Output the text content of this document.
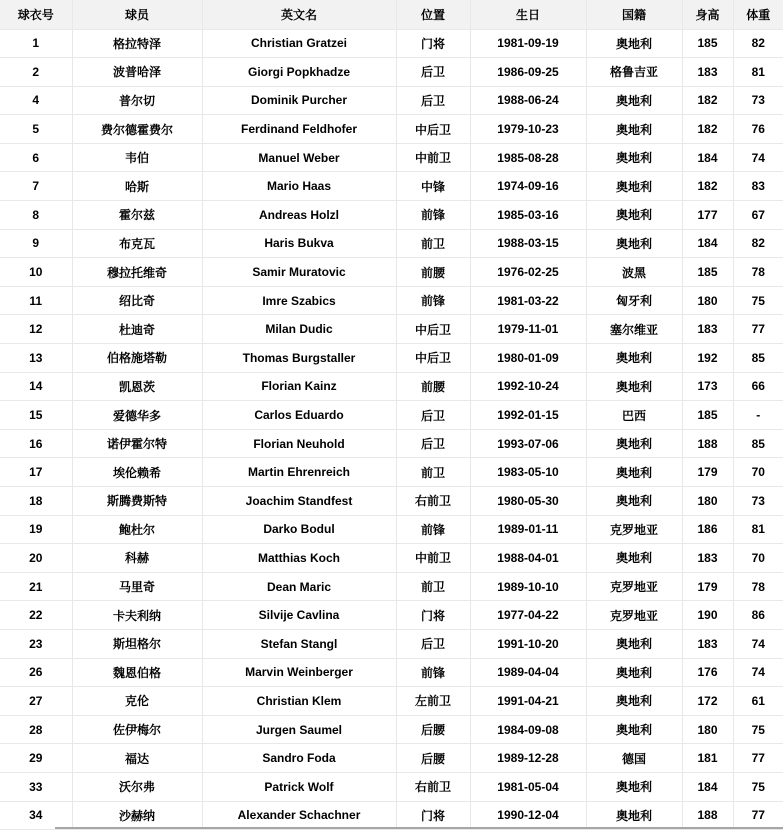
球衣号	球员	英文名	位置	生日	国籍	身高	体重
1	格拉特泽	Christian Gratzei	门将	1981-09-19	奥地利	185	82
2	波普哈泽	Giorgi Popkhadze	后卫	1986-09-25	格鲁吉亚	183	81
4	普尔切	Dominik Purcher	后卫	1988-06-24	奥地利	182	73
5	费尔德霍费尔	Ferdinand Feldhofer	中后卫	1979-10-23	奥地利	182	76
6	韦伯	Manuel Weber	中前卫	1985-08-28	奥地利	184	74
7	哈斯	Mario Haas	中锋	1974-09-16	奥地利	182	83
8	霍尔兹	Andreas Holzl	前锋	1985-03-16	奥地利	177	67
9	布克瓦	Haris Bukva	前卫	1988-03-15	奥地利	184	82
10	穆拉托维奇	Samir Muratovic	前腰	1976-02-25	波黑	185	78
11	绍比奇	Imre Szabics	前锋	1981-03-22	匈牙利	180	75
12	杜迪奇	Milan Dudic	中后卫	1979-11-01	塞尔维亚	183	77
13	伯格施塔勒	Thomas Burgstaller	中后卫	1980-01-09	奥地利	192	85
14	凯恩茨	Florian Kainz	前腰	1992-10-24	奥地利	173	66
15	爱德华多	Carlos Eduardo	后卫	1992-01-15	巴西	185	-
16	诺伊霍尔特	Florian Neuhold	后卫	1993-07-06	奥地利	188	85
17	埃伦赖希	Martin Ehrenreich	前卫	1983-05-10	奥地利	179	70
18	斯腾费斯特	Joachim Standfest	右前卫	1980-05-30	奥地利	180	73
19	鲍杜尔	Darko Bodul	前锋	1989-01-11	克罗地亚	186	81
20	科赫	Matthias Koch	中前卫	1988-04-01	奥地利	183	70
21	马里奇	Dean Maric	前卫	1989-10-10	克罗地亚	179	78
22	卡夫利纳	Silvije Cavlina	门将	1977-04-22	克罗地亚	190	86
23	斯坦格尔	Stefan Stangl	后卫	1991-10-20	奥地利	183	74
26	魏恩伯格	Marvin Weinberger	前锋	1989-04-04	奥地利	176	74
27	克伦	Christian Klem	左前卫	1991-04-21	奥地利	172	61
28	佐伊梅尔	Jurgen Saumel	后腰	1984-09-08	奥地利	180	75
29	福达	Sandro Foda	后腰	1989-12-28	德国	181	77
33	沃尔弗	Patrick Wolf	右前卫	1981-05-04	奥地利	184	75
34	沙赫纳	Alexander Schachner	门将	1990-12-04	奥地利	188	77
